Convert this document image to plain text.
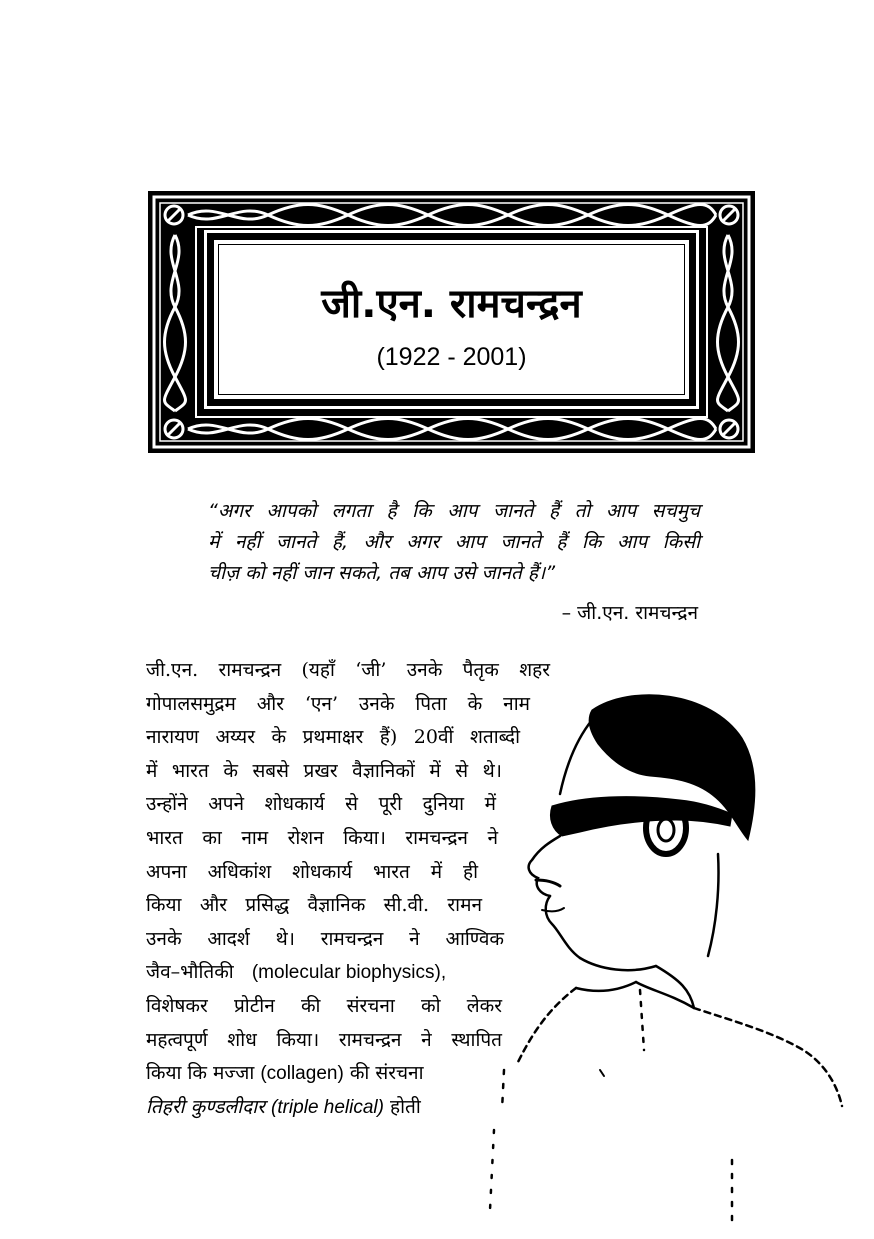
जी.एन. रामचन्द्रन
(1922 - 2001)
“अगर आपको लगता है कि आप जानते हैं तो आप सचमुच
में नहीं जानते हैं, और अगर आप जानते हैं कि आप किसी
चीज़ को नहीं जान सकते, तब आप उसे जानते हैं।”
– जी.एन. रामचन्द्रन
जी.एन. रामचन्द्रन (यहाँ ‘जी’ उनके पैतृक शहर
गोपालसमुद्रम और ‘एन’ उनके पिता के नाम
नारायण अय्यर के प्रथमाक्षर हैं) 20वीं शताब्दी
में भारत के सबसे प्रखर वैज्ञानिकों में से थे।
उन्होंने अपने शोधकार्य से पूरी दुनिया में
भारत का नाम रोशन किया। रामचन्द्रन ने
अपना अधिकांश शोधकार्य भारत में ही
किया और प्रसिद्ध वैज्ञानिक सी.वी. रामन
उनके आदर्श थे। रामचन्द्रन ने आण्विक
जैव–भौतिकी (molecular biophysics),
विशेषकर प्रोटीन की संरचना को लेकर
महत्वपूर्ण शोध किया। रामचन्द्रन ने स्थापित
किया कि मज्जा (collagen) की संरचना
तिहरी कुण्डलीदार (triple helical) होती
